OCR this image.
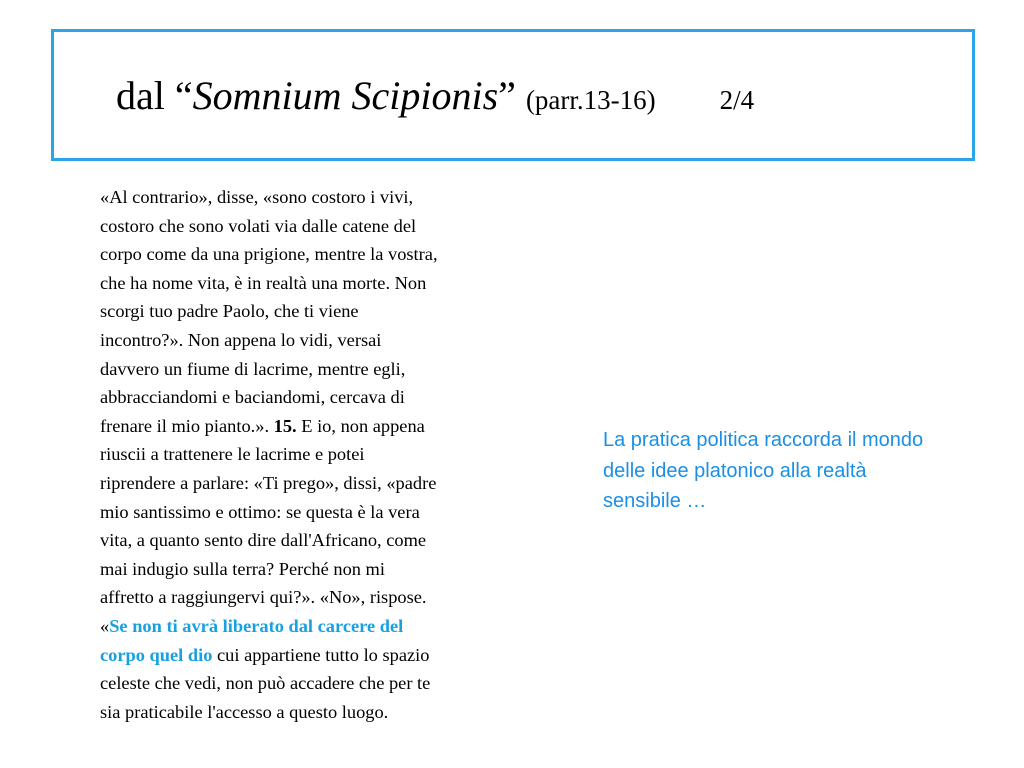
dal “Somnium Scipionis” (parr.13-16) 2/4
«Al contrario», disse, «sono costoro i vivi,
costoro che sono volati via dalle catene del
corpo come da una prigione, mentre la vostra,
che ha nome vita, è in realtà una morte. Non
scorgi tuo padre Paolo, che ti viene
incontro?». Non appena lo vidi, versai
davvero un fiume di lacrime, mentre egli,
abbracciandomi e baciandomi, cercava di
frenare il mio pianto.». 15. E io, non appena
riuscii a trattenere le lacrime e potei
riprendere a parlare: «Ti prego», dissi, «padre
mio santissimo e ottimo: se questa è la vera
vita, a quanto sento dire dall'Africano, come
mai indugio sulla terra? Perché non mi
affretto a raggiungervi qui?». «No», rispose.
«Se non ti avrà liberato dal carcere del
corpo quel dio cui appartiene tutto lo spazio
celeste che vedi, non può accadere che per te
sia praticabile l'accesso a questo luogo.
La pratica politica raccorda il mondo
delle idee platonico alla realtà
sensibile …
